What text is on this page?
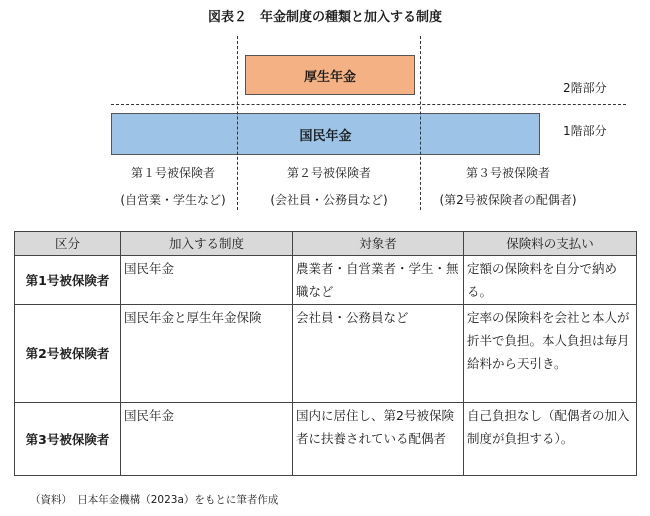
図表２　年金制度の種類と加入する制度
厚生年金
国民年金
2階部分
1階部分
第１号被保険者
(自営業・学生など)
第２号被保険者
(会社員・公務員など)
第３号被保険者
(第2号被保険者の配偶者)
区分	加入する制度	対象者	保険料の支払い
第1号被保険者	国民年金	農業者・自営業者・学生・無職など	定額の保険料を自分で納める。
第2号被保険者	国民年金と厚生年金保険	会社員・公務員など	定率の保険料を会社と本人が折半で負担。本人負担は毎月給料から天引き。
第3号被保険者	国民年金	国内に居住し、第2号被保険者に扶養されている配偶者	自己負担なし（配偶者の加入制度が負担する）。
（資料）　日本年金機構（2023a）をもとに筆者作成
